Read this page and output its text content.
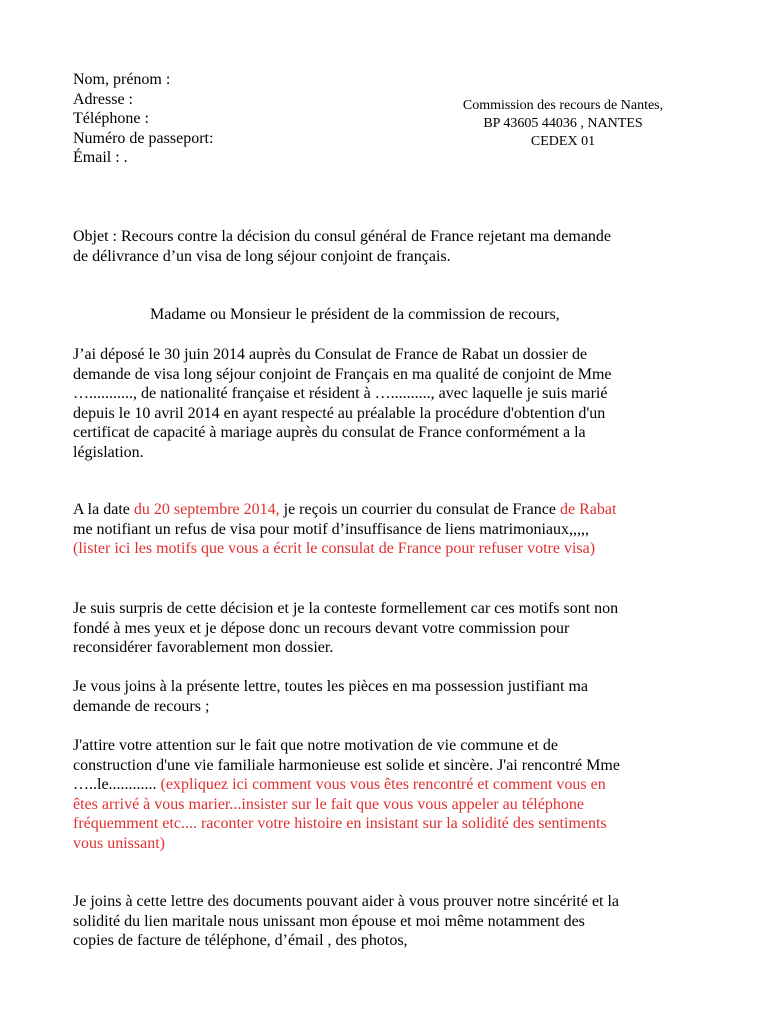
Nom, prénom :
Adresse :
Téléphone :
Numéro de passeport:
Émail : .
Commission des recours de Nantes,
BP 43605 44036 , NANTES
CEDEX 01
Objet : Recours contre la décision du consul général de France rejetant ma demande
de délivrance d’un visa de long séjour conjoint de français.
Madame ou Monsieur le président de la commission de recours,
J’ai déposé le 30 juin 2014 auprès du Consulat de France de Rabat un dossier de
demande de visa long séjour conjoint de Français en ma qualité de conjoint de Mme
…..........., de nationalité française et résident à ….........., avec laquelle je suis marié
depuis le 10 avril 2014 en ayant respecté au préalable la procédure d'obtention d'un
certificat de capacité à mariage auprès du consulat de France conformément a la
législation.
A la date du 20 septembre 2014, je reçois un courrier du consulat de France de Rabat
me notifiant un refus de visa pour motif d’insuffisance de liens matrimoniaux,,,,,
(lister ici les motifs que vous a écrit le consulat de France pour refuser votre visa)
Je suis surpris de cette décision et je la conteste formellement car ces motifs sont non
fondé à mes yeux et je dépose donc un recours devant votre commission pour
reconsidérer favorablement mon dossier.
Je vous joins à la présente lettre, toutes les pièces en ma possession justifiant ma
demande de recours ;
J'attire votre attention sur le fait que notre motivation de vie commune et de
construction d'une vie familiale harmonieuse est solide et sincère. J'ai rencontré Mme
…..le............ (expliquez ici comment vous vous êtes rencontré et comment vous en
êtes arrivé à vous marier...insister sur le fait que vous vous appeler au téléphone
fréquemment etc.... raconter votre histoire en insistant sur la solidité des sentiments
vous unissant)
Je joins à cette lettre des documents pouvant aider à vous prouver notre sincérité et la
solidité du lien maritale nous unissant mon épouse et moi même notamment des
copies de facture de téléphone, d’émail , des photos,
